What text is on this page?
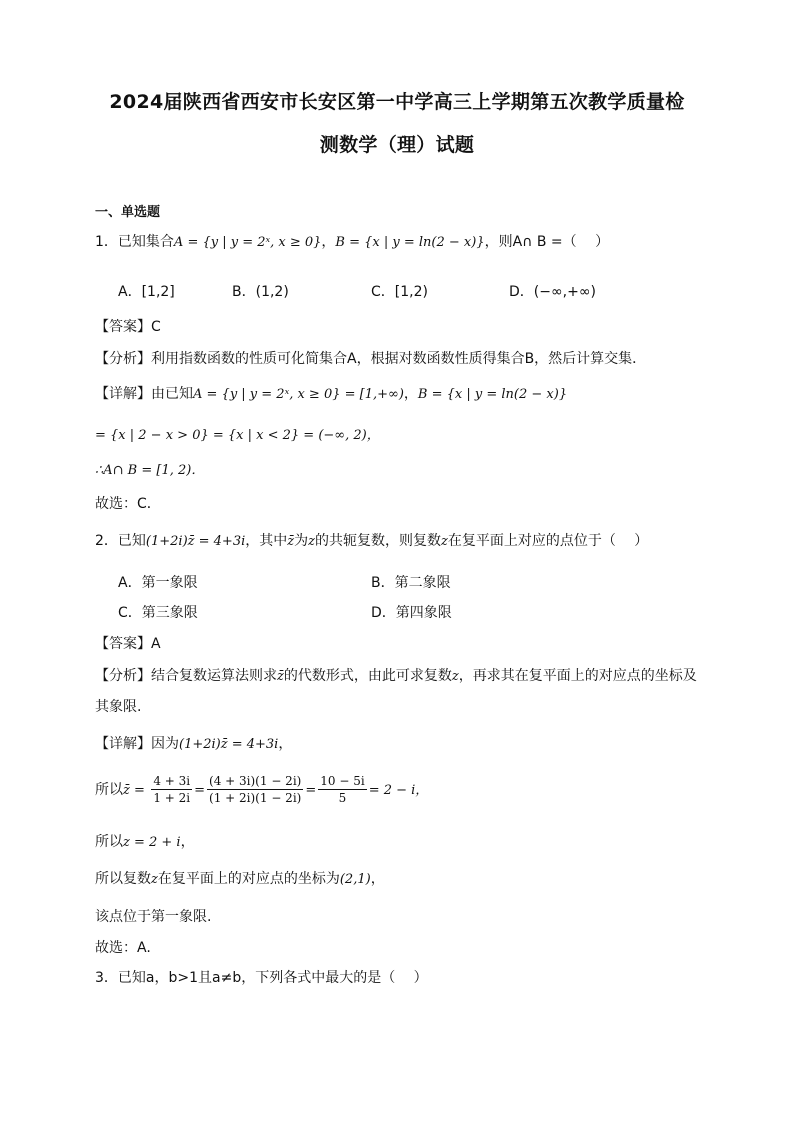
2024届陕西省西安市长安区第一中学高三上学期第五次教学质量检
测数学（理）试题
一、单选题
1．已知集合A = {y | y = 2ˣ, x ≥ 0}，B = {x | y = ln(2 − x)}，则A∩ B =（　 ）
A．[1,2]	B．(1,2)	C．[1,2)	D．(−∞,+∞)
【答案】C
【分析】利用指数函数的性质可化简集合A，根据对数函数性质得集合B，然后计算交集．
【详解】由已知A = {y | y = 2ˣ, x ≥ 0} = [1,+∞)，B = {x | y = ln(2 − x)}
= {x | 2 − x > 0} = {x | x < 2} = (−∞, 2)，
∴A∩ B = [1, 2)．
故选：C．
2．已知(1+2i)z̄ = 4+3i，其中z̄为z的共轭复数，则复数z在复平面上对应的点位于（　 ）
A．第一象限	B．第二象限
C．第三象限	D．第四象限
【答案】A
【分析】结合复数运算法则求z̄的代数形式，由此可求复数z，再求其在复平面上的对应点的坐标及
其象限.
【详解】因为(1+2i)z̄ = 4+3i，
所以z̄ = $\frac{4 + 3i}{1 + 2i} = \frac{(4 + 3i)(1 - 2i)}{(1 + 2i)(1 - 2i)} = \frac{10 - 5i}{5} = 2 - i$，
所以z = 2 + i，
所以复数z在复平面上的对应点的坐标为(2,1)，
该点位于第一象限.
故选：A.
3．已知a，b>1且a≠b，下列各式中最大的是（　 ）
